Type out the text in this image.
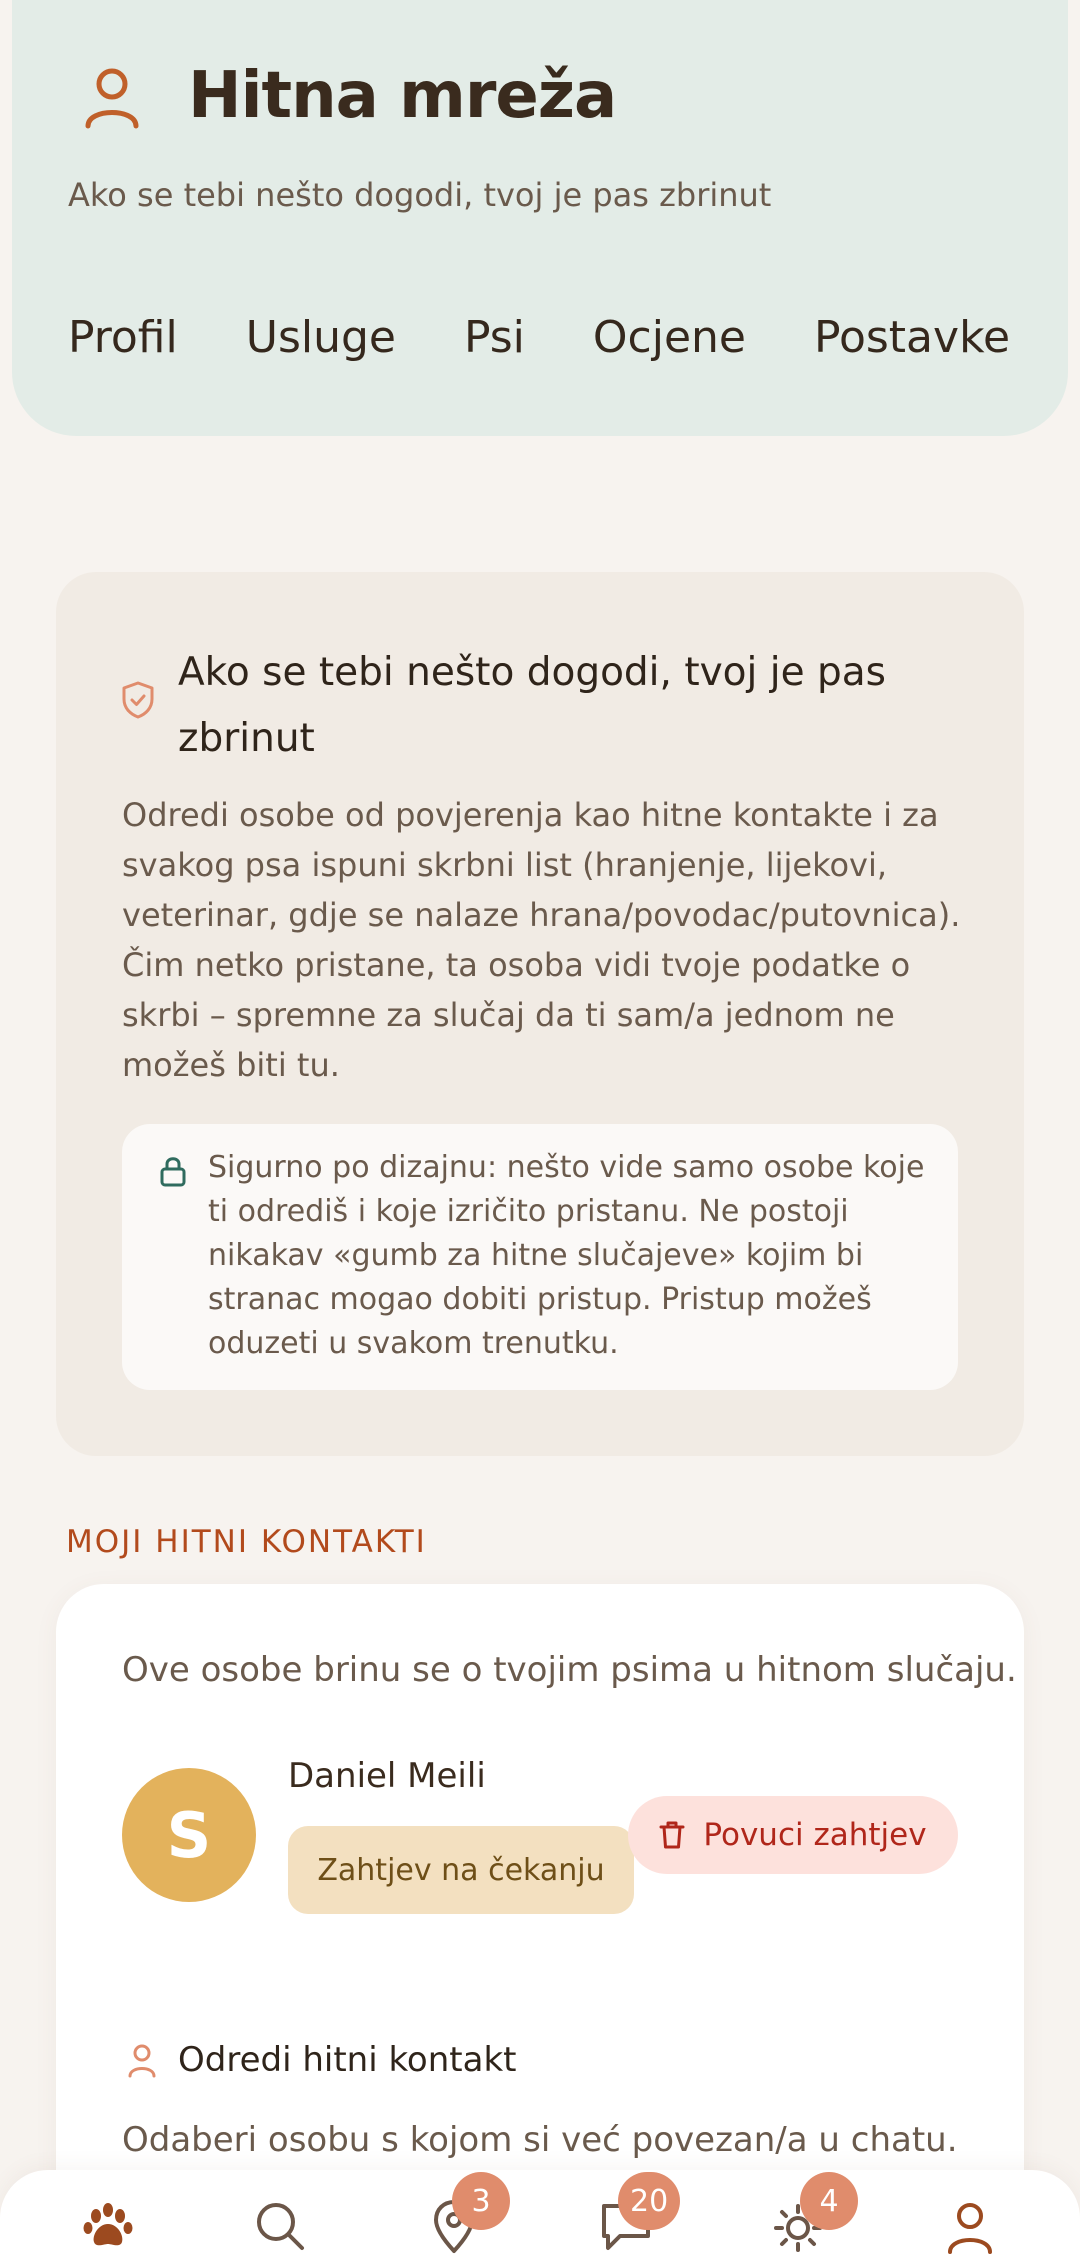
Hitna mreža
Ako se tebi nešto dogodi, tvoj je pas zbrinut
Profil Usluge Psi Ocjene Postavke
Ako se tebi nešto dogodi, tvoj je pas zbrinut
Odredi osobe od povjerenja kao hitne kontakte i za svakog psa ispuni skrbni list (hranjenje, lijekovi, veterinar, gdje se nalaze hrana/povodac/putovnica). Čim netko pristane, ta osoba vidi tvoje podatke o skrbi – spremne za slučaj da ti sam/a jednom ne možeš biti tu.
Sigurno po dizajnu: nešto vide samo osobe koje ti odrediš i koje izričito pristanu. Ne postoji nikakav «gumb za hitne slučajeve» kojim bi stranac mogao dobiti pristup. Pristup možeš oduzeti u svakom trenutku.
MOJI HITNI KONTAKTI
Ove osobe brinu se o tvojim psima u hitnom slučaju.
S
Daniel Meili
Zahtjev na čekanju
Povuci zahtjev
Odredi hitni kontakt
Odaberi osobu s kojom si već povezan/a u chatu.
3	20	4
